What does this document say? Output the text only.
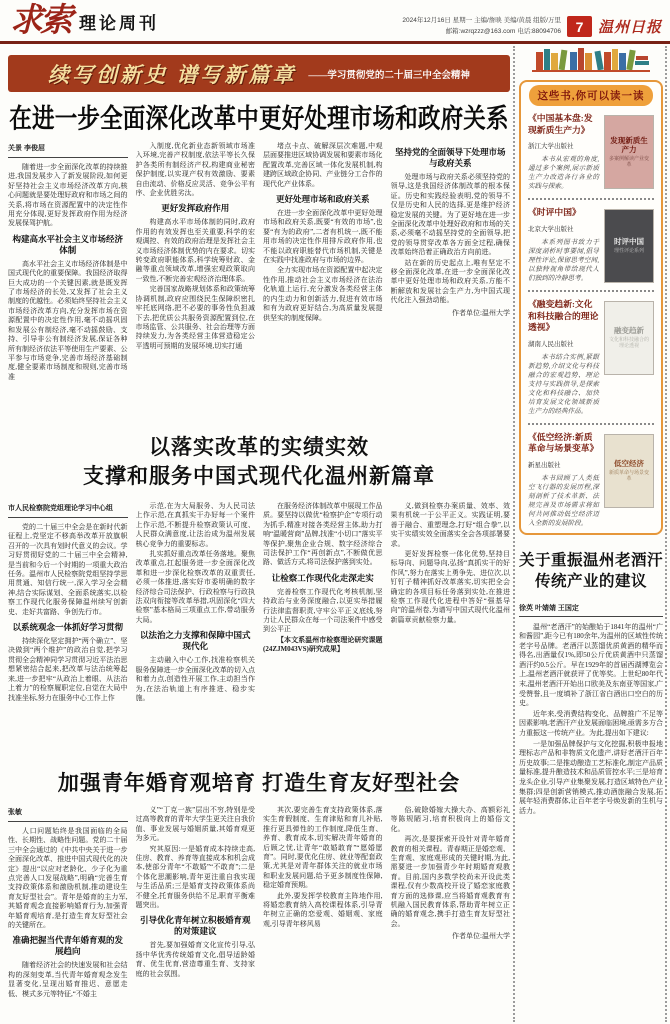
求索 理论周刊	2024年12月16日 星期一 主编/詹映 美编/黄晨 组版/万里
邮箱:wzrqzzz@163.com 电话:88094706	7 温州日报
续写创新史 谱写新篇章 ——学习贯彻党的二十届三中全会精神
在进一步全面深化改革中更好处理市场和政府关系
关景 李俊屈

随着进一步全面深化改革的持续推进,我国发展步入了新发展阶段,如何更好坚持社会主义市场经济改革方向,核心问题就是要处理好政府和市场之间的关系,将市场在资源配置中的决定性作用充分体现,更好发挥政府作用为经济发展保驾护航。

构建高水平社会主义市场经济体制

高水平社会主义市场经济体制是中国式现代化的重要保障。我国经济取得巨大成功的一个关键因素,就是既发挥了市场经济的长处,又发挥了社会主义制度的优越性。必须始终坚持社会主义市场经济改革方向,充分发挥市场在资源配置中的决定性作用,毫不动摇巩固和发展公有制经济,毫不动摇鼓励、支持、引导非公有制经济发展,保证各种所有制经济依法平等使用生产要素、公平参与市场竞争,完善市场经济基础制度,健全要素市场制度和规则,完善市场准

入制度,优化新业态新领域市场准入环境,完善产权制度,依法平等长久保护各类所有制经济产权,构建商业秘密保护制度,以实现产权有效激励、要素自由流动、价格反应灵活、竞争公平有序、企业优胜劣汰。

更好发挥政府作用

构建高水平市场体制的同时,政府作用的有效发挥也至关重要,科学的宏观调控、有效的政府治理是发挥社会主义市场经济体制优势的内在要求。切实转变政府职能体系,科学统筹财政、金融等重点领域改革,增强宏观政策取向一致性,不断完善宏观经济治理体系。

完善国家战略规划体系和政策统筹协调机制,政府应围绕民生保障织密扎牢托底网络,把不必要的事务性负担减下去,把优质公共服务资源配置到位,在市场监管、公共服务、社会治理等方面持续发力,为各类经营主体营造稳定公平透明可预期的发展环境,切实打通

堵点卡点、破解深层次难题,中观层面要推进区域协调发展和要素市场化配置改革,完善区域一体化发展机制,构建跨区域政企协同、产业链分工合作的现代化产业体系。

更好处理市场和政府关系

在进一步全面深化改革中更好处理市场和政府关系,既要“有效的市场”,也要“有为的政府”,二者有机统一,既不能用市场的决定性作用排斥政府作用,也不能以政府职能替代市场机制,关键是在实践中找准政府与市场的边界。

全力实现市场在资源配置中起决定性作用,推动社会主义市场经济在法治化轨道上运行,充分激发各类经营主体的内生动力和创新活力,促进有效市场和有为政府更好结合,为高质量发展提供坚实的制度保障。

坚持党的全面领导下处理市场与政府关系

处理市场与政府关系必须坚持党的领导,这是我国经济体制改革的根本保证。历史和实践经验表明,党的领导不仅是历史和人民的选择,更是维护经济稳定发展的关键。为了更好地在进一步全面深化改革中处理好政府和市场的关系,必须毫不动摇坚持党的全面领导,把党的领导贯穿改革各方面全过程,确保改革始终沿着正确政治方向前进。

站在新的历史起点上,唯有坚定不移全面深化改革,在进一步全面深化改革中更好处理市场和政府关系,方能不断解放和发展社会生产力,为中国式现代化注入强劲动能。

作者单位:温州大学

以落实改革的实绩实效
支撑和服务中国式现代化温州新篇章
市人民检察院党组理论学习中心组

党的二十届三中全会是在新时代新征程上,党坚定不移高举改革开放旗帜召开的一次具有划时代意义的会议。学习好贯彻好党的二十届三中全会精神,是当前和今后一个时期的一项重大政治任务。温州市人民检察院党组坚持学思用贯通、知信行统一,深入学习全会精神,结合实际谋划、全面系统落实,以检察工作现代化服务保障温州续写创新史、走好共富路、争创先行市。

以系统观念一体抓好学习贯彻

持续深化坚定拥护“两个确立”、坚决做到“两个维护”的政治自觉,把学习贯彻全会精神同学习贯彻习近平法治思想紧密结合起来,把改革与法治统筹起来,进一步把牢“从政治上着眼、从法治上着力”的检察履职定位,自觉在大局中找准坐标,努力在服务中心工作上作

示范,在为大局服务、为人民司法上作示范,在真抓实干办好每一个案件上作示范,不断提升检察政策认可度、人民群众满意度,让法治成为温州发展核心竞争力的重要标志。

扎实抓好重点改革任务落地。聚焦改革重点,扛起服务进一步全面深化改革和进一步深化检察改革的双重责任,必须一体推进,落实好市委明确的数字经济综合司法保护、行政检察与行政执法双向衔接等改革举措,巩固深化“四大检察”基本格局三项重点工作,带动服务大局。

以法治之力支撑和保障中国式现代化

主动融入中心工作,找准检察机关服务保障进一步全面深化改革的切入点和着力点,创造性开展工作,主动担当作为,在法治轨道上有序推进、稳步实施。

在服务经济体制改革中展现工作品质。要坚持以做优“检察护企”专项行动为抓手,精准对接各类经营主体,助力打响“温暖营商”品牌,找准“小切口”落实平等保护,聚焦企业合规、数字经济综合司法保护工作“再创新点”,不断做优思路、做活方式,将司法保护落到实处。

让检察工作现代化走深走实

完善检察工作现代化考核机制,坚持政治与业务深度融合,以更实举措履行法律监督职责,守牢公平正义底线,努力让人民群众在每一个司法案件中感受到公平正

【本文系温州市检察理论研究课题(24ZJM043VS)研究成果】

义,做到检察办案质量、效率、效果有机统一于公平正义。实践证明,要善于融合、重塑理念,打好“组合拳”,以实干实绩实效全面落实全会各项部署要求。

更好发挥检察一体化优势,坚持目标导向、问题导向,弘扬“真抓实干的好作风”,努力在落实上勇争先、进位次,以钉钉子精神抓好改革落实,切实把全会确定的各项目标任务落到实处,在推进检察工作现代化进程中答好“强基导向”的温州卷,为谱写中国式现代化温州新篇章贡献检察力量。

加强青年婚育观培育 打造生育友好型社会
张敏

人口问题始终是我国面临的全局性、长期性、战略性问题。党的二十届三中全会通过的《中共中央关于进一步全面深化改革、推进中国式现代化的决定》提出“以应对老龄化、少子化为重点完善人口发展战略”,明确“完善生育支持政策体系和激励机制,推动建设生育友好型社会”。青年是婚育的主力军,其婚育观念直接影响婚育行为,加强青年婚育观培育,是打造生育友好型社会的关键所在。

准确把握当代青年婚育观的发展趋向

随着经济社会的快速发展和社会结构的深刻变革,当代青年婚育观念发生显著变化,呈现出婚育推迟、意愿走低、模式多元等特征,“不婚主

义”“丁克一族”层出不穷,特别是受过高等教育的青年大学生更关注自我价值、事业发展与婚姻质量,其婚育观更为多元。

究其原因:一是婚育成本持续走高,住房、教育、养育等直接成本和机会成本,使部分青年“不敢婚”“不敢育”;二是个体化思潮影响,青年更注重自我实现与生活品质;三是婚育支持政策体系尚不健全,托育服务供给不足,职育平衡难题突出。

引导优化青年树立积极婚育观的对策建议

首先,要加强婚育文化宣传引导,弘扬中华优秀传统婚育文化,倡导适龄婚育、优生优育,营造尊重生育、支持家庭的社会氛围。

其次,要完善生育支持政策体系,落实生育假制度、生育津贴和育儿补贴,推行更具弹性的工作制度,降低生育、养育、教育成本,切实解决青年婚育的后顾之忧,让青年“敢婚敢育”“愿婚愿育”。同时,要优化住房、就业等配套政策,尤其是对青年群体关注的就业市场和职业发展问题,给予更多制度性保障,稳定婚育预期。

此外,要发挥学校教育主阵地作用,将婚恋教育纳入高校课程体系,引导青年树立正确的恋爱观、婚姻观、家庭观,引导青年移风易

俗,破除婚嫁大操大办、高额彩礼等陈规陋习,培育积极向上的婚俗文化。

再次,是要探索开设针对青年婚育教育的相关课程。青春期正是婚恋观、生育观、家庭观形成的关键时期,为此,需要进一步加强青少年时期婚育观教育。目前,国内多数学校尚未开设此类课程,仅有少数高校开设了婚恋家庭教育方面的选修课,应当将婚育观教育有机融入国民教育体系,帮助青年树立正确的婚育观念,携手打造生育友好型社会。

作者单位:温州大学

这些书,你可以读一读
《中国基本盘:发现新质生产力》
浙江大学出版社
本书从宏观的角度,通过多个案例,展示新质生产力改造各行各业的实践与探索。
发现新质生产力
多案例解读产业变革
《时评中国》
北京大学出版社
本系列图书致力于深度剖析时事要闻,倡导理性评论,保留思考空间,以独特视角带给现代人们独到的冷静思考。
时评中国
理性评论系列
《融变趋新:文化和科技融合的理论透视》
湖南人民出版社
本书结合实例,紧跟新趋势,介绍文化与科技融合的宏观趋势、理论支持与实践指导,是探索文化和科技融合、加快培育发展文化领域新质生产力的经典作品。
融变趋新
文化和科技融合的理论透视
《低空经济:新质革命与场景变革》
新星出版社
本书回顾了人类低空飞行器的发展历程,深刻剖析了技术革新、法规完善及市场需求将如何共同推动低空经济迈入全新的发展阶段。
低空经济
新质革命与场景变革
关于重振温州老酒汗
传统产业的建议
徐英 叶婧婧 王国定

温州“老酒汗”的始酿始于1841年的温州“广和酱园”,距今已有180余年,为温州的区域性传统老字号品牌。老酒汗以蒸馏优质黄酒的精华而得名,出酒量仅1%,即50公斤优质黄酒中只蒸馏酒汗约0.5公斤。早在1929年的首届西湖博览会上,温州老酒汗就获评了优等奖。上世纪80年代末,温州老酒汗开始出口欧美及东南亚等国家,广受赞誉,且一度填补了浙江省白酒出口空白的历史。

近年来,受消费结构变化、品牌推广不足等因素影响,老酒汗产业发展面临困境,亟需多方合力重振这一传统产业。为此,提出如下建议:

一是加强品牌保护与文化挖掘,积极申报地理标志产品和非物质文化遗产,讲好老酒汗百年历史故事;二是推动酿造工艺标准化,制定产品质量标准,提升酿造技术和品质管控水平;三是培育龙头企业,引导产业集聚发展,打造区域特色产业集群;四是创新营销模式,推动酒旅融合发展,拓展年轻消费群体,让百年老字号焕发新的生机与活力。
